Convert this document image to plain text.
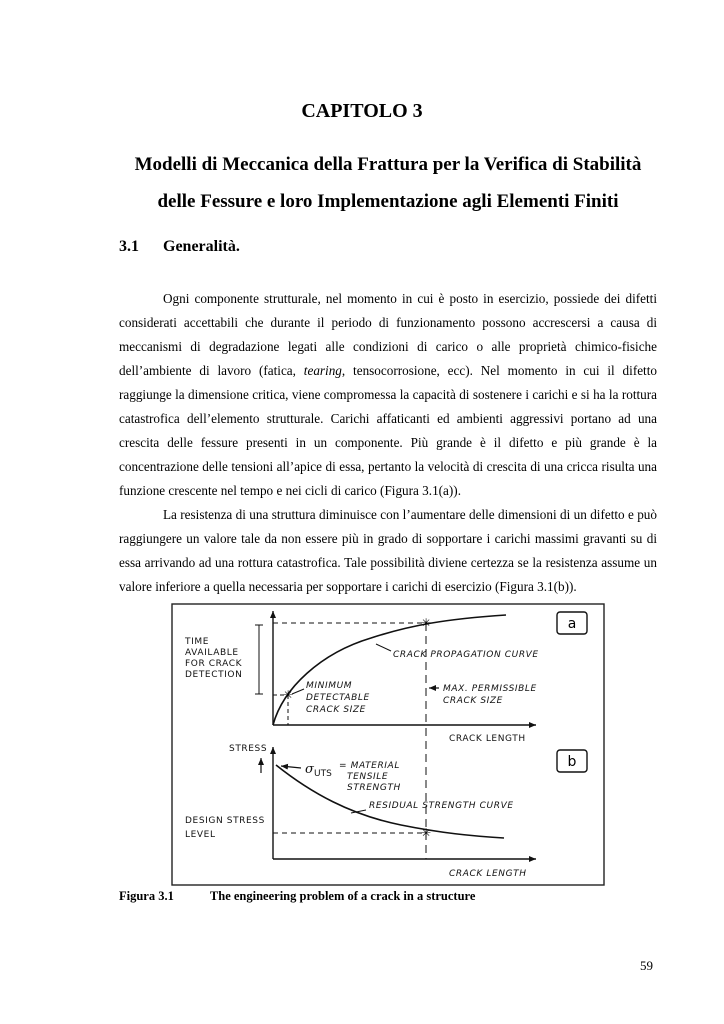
CAPITOLO 3
Modelli di Meccanica della Frattura per la Verifica di Stabilità
delle Fessure e loro Implementazione agli Elementi Finiti
3.1 Generalità.

Ogni componente strutturale, nel momento in cui è posto in esercizio, possiede dei difetti considerati accettabili che durante il periodo di funzionamento possono accrescersi a causa di meccanismi di degradazione legati alle condizioni di carico o alle proprietà chimico-fisiche dell’ambiente di lavoro (fatica, tearing, tensocorrosione, ecc). Nel momento in cui il difetto raggiunge la dimensione critica, viene compromessa la capacità di sostenere i carichi e si ha la rottura catastrofica dell’elemento strutturale. Carichi affaticanti ed ambienti aggressivi portano ad una crescita delle fessure presenti in un componente. Più grande è il difetto e più grande è la concentrazione delle tensioni all’apice di essa, pertanto la velocità di crescita di una cricca risulta una funzione crescente nel tempo e nei cicli di carico (Figura 3.1(a)).

La resistenza di una struttura diminuisce con l’aumentare delle dimensioni di un difetto e può raggiungere un valore tale da non essere più in grado di sopportare i carichi massimi gravanti su di essa arrivando ad una rottura catastrofica. Tale possibilità diviene certezza se la resistenza assume un valore inferiore a quella necessaria per sopportare i carichi di esercizio (Figura 3.1(b)).

✳
✳
TIME
AVAILABLE
FOR CRACK
DETECTION
CRACK PROPAGATION CURVE
MINIMUM
DETECTABLE
CRACK SIZE
MAX. PERMISSIBLE
CRACK SIZE
CRACK LENGTH
a
✳
STRESS
σ UTS
= MATERIAL
TENSILE
STRENGTH
RESIDUAL STRENGTH CURVE
DESIGN STRESS
LEVEL
CRACK LENGTH
b
Figura 3.1	The engineering problem of a crack in a structure
59
